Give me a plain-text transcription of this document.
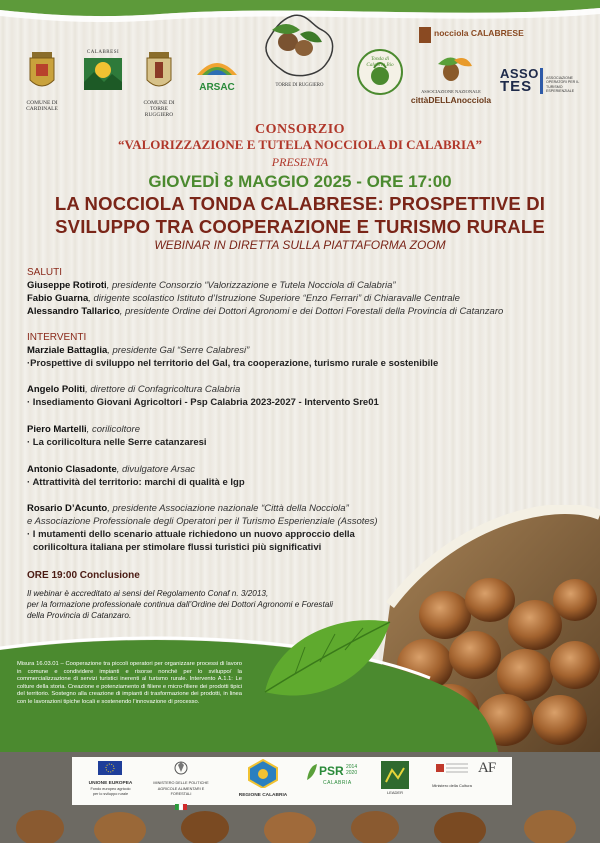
COMUNE DI CARDINALE
CALABRESI
COMUNE DI TORRE RUGGIERO
ARSAC	TORRE DI RUGGIERO
Tonda di Calabria Bio
ASSOCIAZIONE NAZIONALE
cittàDELLAnocciola
nocciola CALABRESE
ASSO
TES	ASSOCIAZIONE OPERATORI PER IL TURISMO ESPERIENZIALE
CONSORZIO
“VALORIZZAZIONE E TUTELA NOCCIOLA DI CALABRIA”
PRESENTA
GIOVEDÌ 8 MAGGIO 2025 - ORE 17:00
LA NOCCIOLA TONDA CALABRESE: PROSPETTIVE DI
SVILUPPO TRA COOPERAZIONE E TURISMO RURALE
WEBINAR IN DIRETTA SULLA PIATTAFORMA ZOOM
SALUTI
Giuseppe Rotiroti, presidente Consorzio “Valorizzazione e Tutela Nocciola di Calabria”
Fabio Guarna, dirigente scolastico Istituto d’Istruzione Superiore “Enzo Ferrari” di Chiaravalle Centrale
Alessandro Tallarico, presidente Ordine dei Dottori Agronomi e dei Dottori Forestali della Provincia di Catanzaro
INTERVENTI
Marziale Battaglia, presidente Gal “Serre Calabresi”
·Prospettive di sviluppo nel territorio del Gal, tra cooperazione, turismo rurale e sostenibile
Angelo Politi, direttore di Confagricoltura Calabria
· Insediamento Giovani Agricoltori - Psp Calabria 2023-2027 - Intervento Sre01
Piero Martelli, corilicoltore
· La corilicoltura nelle Serre catanzaresi
Antonio Clasadonte, divulgatore Arsac
· Attrattività del territorio: marchi di qualità e Igp
Rosario D’Acunto, presidente Associazione nazionale “Città della Nocciola”
e Associazione Professionale degli Operatori per il Turismo Esperienziale (Assotes)
· I mutamenti dello scenario attuale richiedono un nuovo approccio della
corilicoltura italiana per stimolare flussi turistici più significativi
ORE 19:00 Conclusione
Il webinar è accreditato ai sensi del Regolamento Conaf n. 3/2013,
per la formazione professionale continua dall’Ordine dei Dottori Agronomi e Forestali
della Provincia di Catanzaro.
Misura 16.03.01 – Cooperazione tra piccoli operatori per organizzare processi di lavoro in comune e condividere impianti e risorse nonché per lo sviluppo/ la commercializzazione di servizi turistici inerenti al turismo rurale. Intervento A.1.1: Le colture della storia. Creazione e potenziamento di filiere e micro-filiere dei prodotti tipici del territorio. Sostegno alla creazione di impianti di trasformazione dei prodotti, in linea con le lavorazioni tipiche locali e sostenendo l’innovazione di processo.
UNIONE EUROPEA
Fondo europeo agricolo per lo sviluppo rurale
MINISTERO DELLE POLITICHE AGRICOLE ALIMENTARI E FORESTALI	REGIONE CALABRIA
PSR 2014 2020
CALABRIA
LEADER
Ministero della Cultura
AF
